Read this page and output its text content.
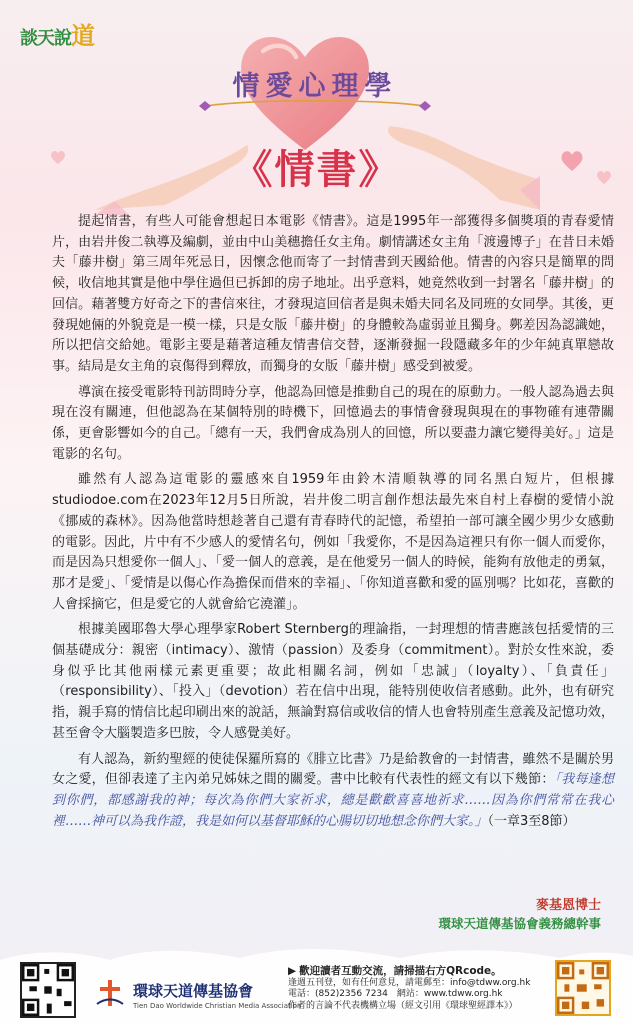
談天說道
情愛心理學
《情書》

提起情書，有些人可能會想起日本電影《情書》。這是1995年一部獲得多個獎項的青春愛情片，由岩井俊二執導及編劇，並由中山美穗擔任女主角。劇情講述女主角「渡邊博子」在昔日未婚夫「藤井樹」第三周年死忌日，因懷念他而寄了一封情書到天國給他。情書的內容只是簡單的問候，收信地其實是他中學住過但已拆卸的房子地址。出乎意料，她竟然收到一封署名「藤井樹」的回信。藉著雙方好奇之下的書信來往，才發現這回信者是與未婚夫同名及同班的女同學。其後，更發現她倆的外貌竟是一模一樣，只是女版「藤井樹」的身體較為虛弱並且獨身。鄸差因為認識她，所以把信交給她。電影主要是藉著這種友情書信交替，逐漸發掘一段隱藏多年的少年純真單戀故事。結局是女主角的哀傷得到釋放，而獨身的女版「藤井樹」感受到被愛。

導演在接受電影特刊訪問時分享，他認為回憶是推動自己的現在的原動力。一般人認為過去與現在沒有關連，但他認為在某個特別的時機下，回憶過去的事情會發現與現在的事物確有連帶關係，更會影響如今的自己。「總有一天，我們會成為別人的回憶，所以要盡力讓它變得美好。」這是電影的名句。

雖然有人認為這電影的靈感來自1959年由鈴木清順執導的同名黑白短片，但根據studiodoe.com在2023年12月5日所說，岩井俊二明言創作想法最先來自村上春樹的愛情小說《挪威的森林》。因為他當時想趁著自己還有青春時代的記憶，希望拍一部可讓全國少男少女感動的電影。因此，片中有不少感人的愛情名句，例如「我愛你，不是因為這裡只有你一個人而愛你，而是因為只想愛你一個人」、「愛一個人的意義，是在他愛另一個人的時候，能夠有放他走的勇氣，那才是愛」、「愛情是以傷心作為擔保而借來的幸福」、「你知道喜歡和愛的區別嗎？比如花，喜歡的人會採摘它，但是愛它的人就會給它澆灌」。

根據美國耶魯大學心理學家Robert Sternberg的理論指，一封理想的情書應該包括愛情的三個基礎成分：親密（intimacy）、激情（passion）及委身（commitment）。對於女性來說，委身似乎比其他兩樣元素更重要；故此相關名詞，例如「忠誠」（loyalty）、「負責任」（responsibility）、「投入」（devotion）若在信中出現，能特別使收信者感動。此外，也有研究指，親手寫的情信比起印刷出來的說話，無論對寫信或收信的情人也會特別產生意義及記憶功效，甚至會令大腦製造多巴胺，令人感覺美好。

有人認為，新約聖經的使徒保羅所寫的《腓立比書》乃是給教會的一封情書，雖然不是關於男女之愛，但卻表達了主內弟兄姊妹之間的關愛。書中比較有代表性的經文有以下幾節：「我每逢想到你們，都感謝我的神；每次為你們大家祈求，總是歡歡喜喜地祈求……因為你們常常在我心裡……神可以為我作證，我是如何以基督耶穌的心腸切切地想念你們大家。」（一章3至8節）

麥基恩博士
環球天道傳基協會義務總幹事
環球天道傳基協會
Tien Dao Worldwide Christian Media Association
▶ 歡迎讀者互動交流，請掃描右方QRcode。
逢週五刊登，如有任何意見，請電郵至：info@tdww.org.hk
電話：(852)2356 7234　網站：www.tdww.org.hk
作者的言論不代表機構立場（經文引用《環球聖經譯本》）
